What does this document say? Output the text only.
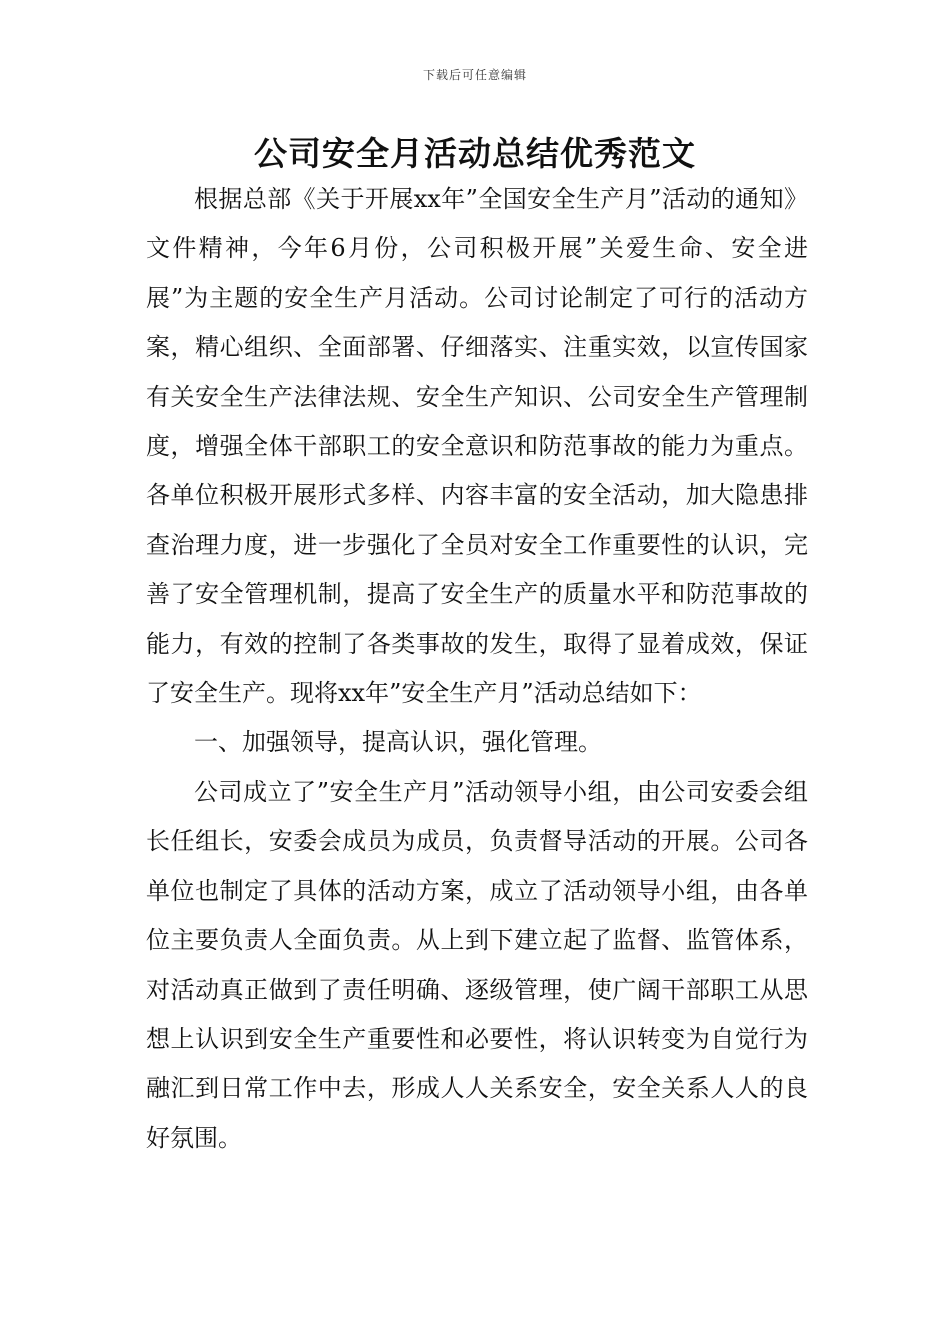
下载后可任意编辑
公司安全月活动总结优秀范文

根据总部《关于开展xx年”全国安全生产月”活动的通知》文件精神，今年6月份，公司积极开展”关爱生命、安全进展”为主题的安全生产月活动。公司讨论制定了可行的活动方案，精心组织、全面部署、仔细落实、注重实效，以宣传国家有关安全生产法律法规、安全生产知识、公司安全生产管理制度，增强全体干部职工的安全意识和防范事故的能力为重点。各单位积极开展形式多样、内容丰富的安全活动，加大隐患排查治理力度，进一步强化了全员对安全工作重要性的认识，完善了安全管理机制，提高了安全生产的质量水平和防范事故的能力，有效的控制了各类事故的发生，取得了显着成效，保证了安全生产。现将xx年”安全生产月”活动总结如下：

一、加强领导，提高认识，强化管理。

公司成立了”安全生产月”活动领导小组，由公司安委会组长任组长，安委会成员为成员，负责督导活动的开展。公司各单位也制定了具体的活动方案，成立了活动领导小组，由各单位主要负责人全面负责。从上到下建立起了监督、监管体系，对活动真正做到了责任明确、逐级管理，使广阔干部职工从思想上认识到安全生产重要性和必要性，将认识转变为自觉行为融汇到日常工作中去，形成人人关系安全，安全关系人人的良好氛围。
